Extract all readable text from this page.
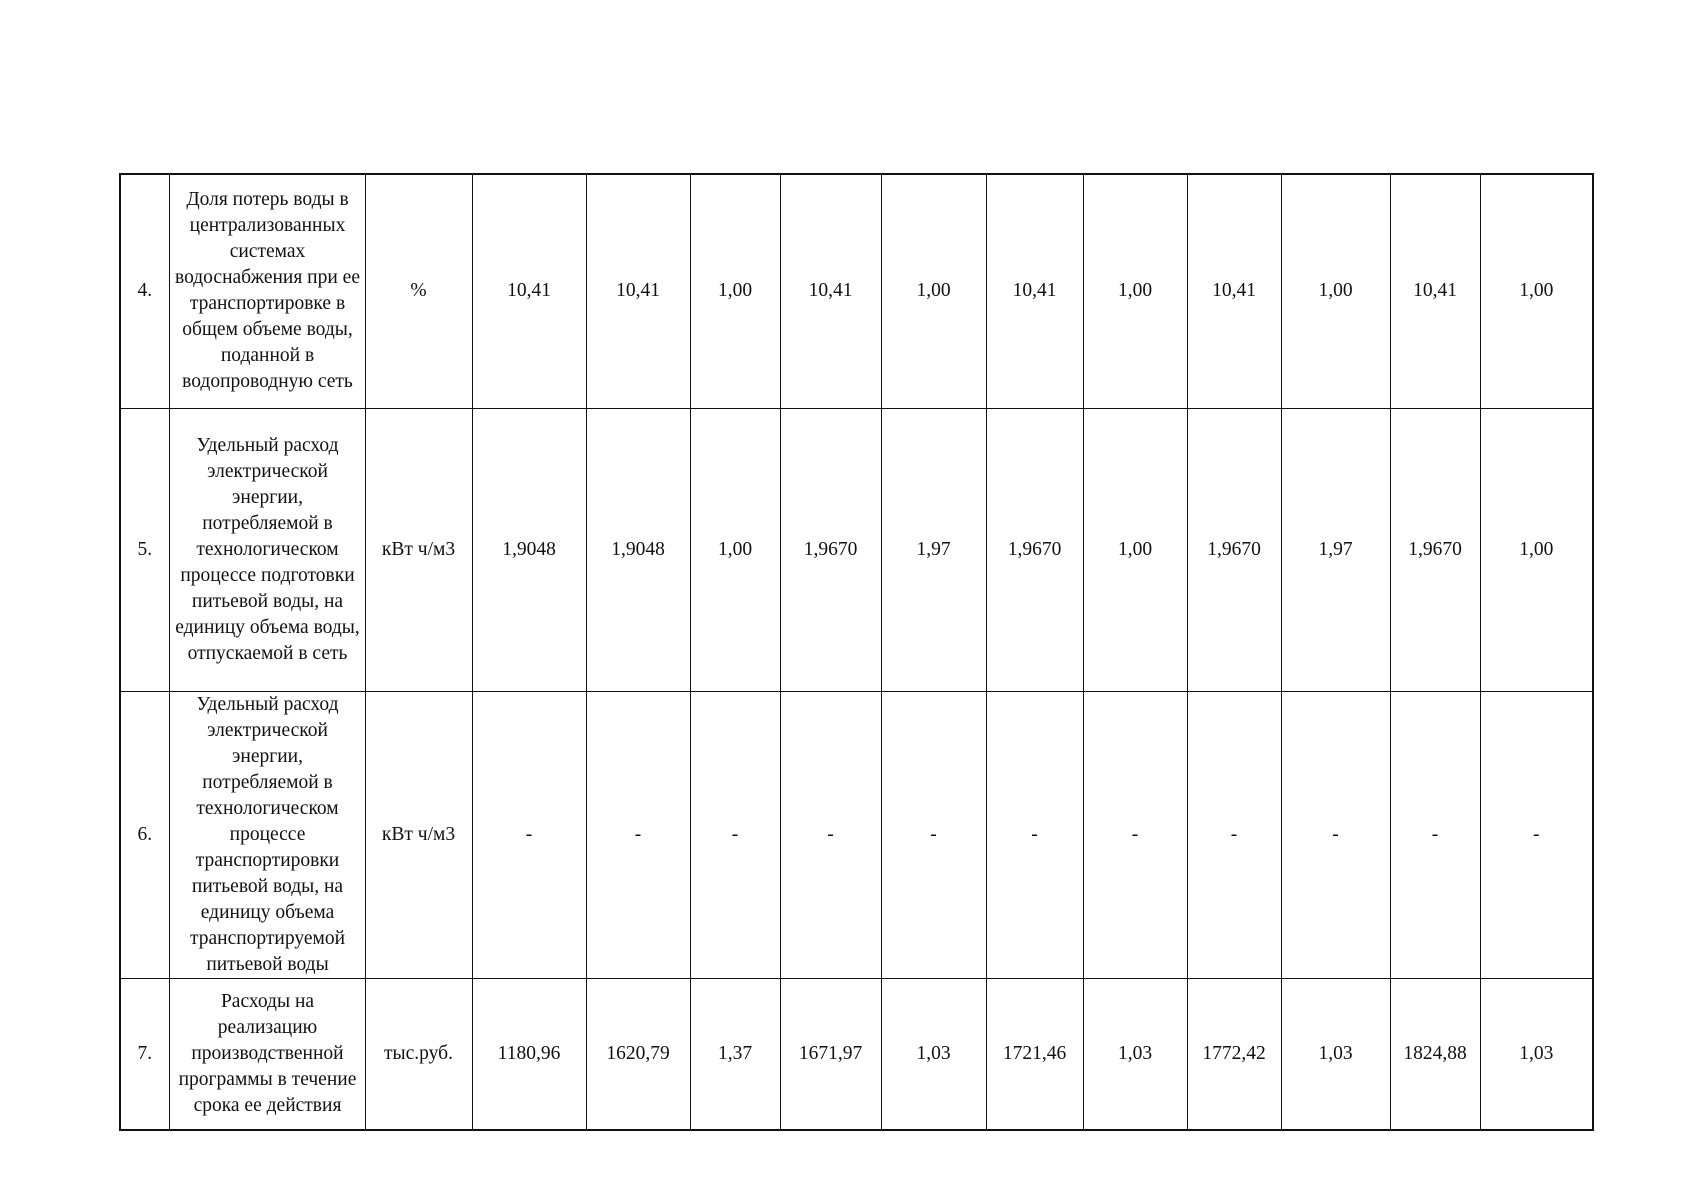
4.	Доля потерь воды в централизованных системах водоснабжения при ее транспортировке в общем объеме воды, поданной в водопроводную сеть	%	10,41	10,41	1,00	10,41	1,00	10,41	1,00	10,41	1,00	10,41	1,00
5.	Удельный расход электрической энергии, потребляемой в технологическом процессе подготовки питьевой воды, на единицу объема воды, отпускаемой в сеть	кВт ч/м3	1,9048	1,9048	1,00	1,9670	1,97	1,9670	1,00	1,9670	1,97	1,9670	1,00
6.	Удельный расход электрической энергии, потребляемой в технологическом процессе транспортировки питьевой воды, на единицу объема транспортируемой питьевой воды	кВт ч/м3	-	-	-	-	-	-	-	-	-	-	-
7.	Расходы на реализацию производственной программы в течение срока ее действия	тыс.руб.	1180,96	1620,79	1,37	1671,97	1,03	1721,46	1,03	1772,42	1,03	1824,88	1,03
